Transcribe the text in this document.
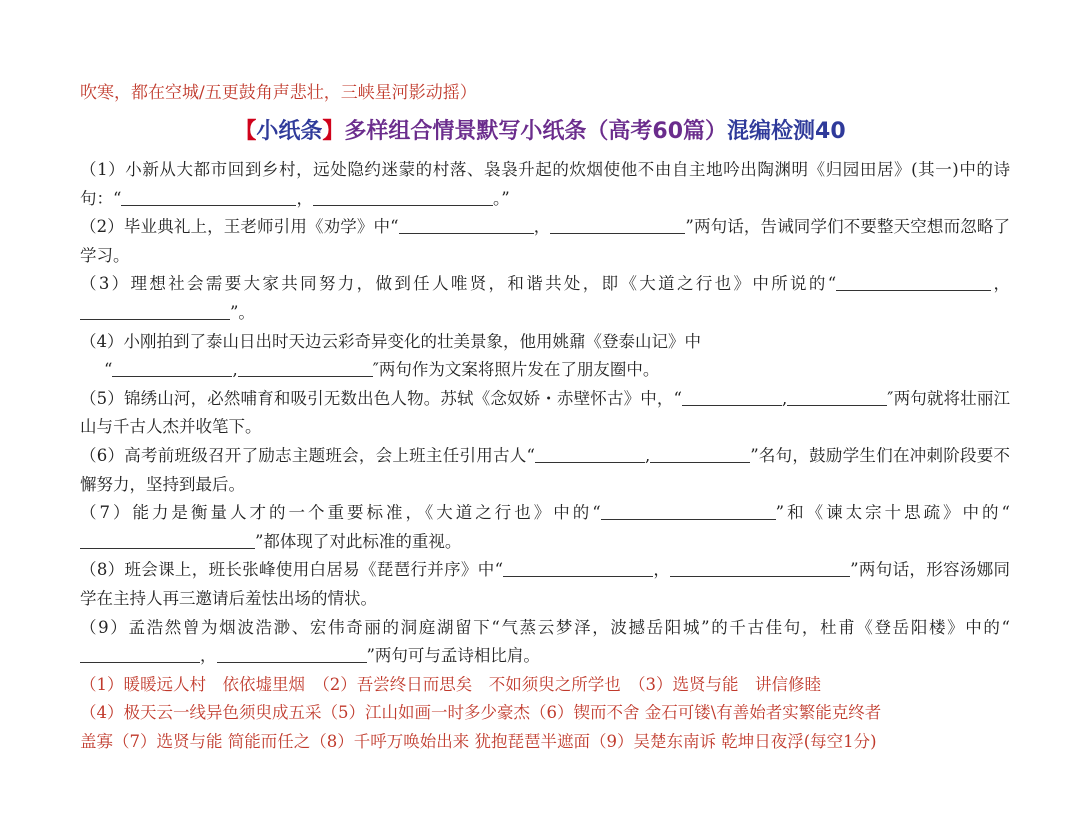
吹寒，都在空城/五更鼓角声悲壮，三峡星河影动摇）
【小纸条】多样组合情景默写小纸条（高考60篇）混编检测40

（1）小新从大都市回到乡村，远处隐约迷蒙的村落、袅袅升起的炊烟使他不由自主地吟出陶渊明《归园田居》(其一)中的诗句：“	，	。”

（2）毕业典礼上，王老师引用《劝学》中“	，	”两句话，告诫同学们不要整天空想而忽略了学习。

（3）理想社会需要大家共同努力，做到任人唯贤，和谐共处，即《大道之行也》中所说的“	，”。

（4）小刚拍到了泰山日出时天边云彩奇异变化的壮美景象，他用姚鼐《登泰山记》中
“	,	″两句作为文案将照片发在了朋友圈中。

（5）锦绣山河，必然哺育和吸引无数出色人物。苏轼《念奴娇・赤壁怀古》中，“	,	″两句就将壮丽江山与千古人杰并收笔下。

（6）高考前班级召开了励志主题班会，会上班主任引用古人“	,	”名句，鼓励学生们在冲刺阶段要不懈努力，坚持到最后。

（7）能力是衡量人才的一个重要标准，《大道之行也》中的“	”和《谏太宗十思疏》中的“”都体现了对此标准的重视。

（8）班会课上，班长张峰使用白居易《琵琶行并序》中“	，	”两句话，形容汤娜同学在主持人再三邀请后羞怯出场的情状。

（9）孟浩然曾为烟波浩渺、宏伟奇丽的洞庭湖留下“气蒸云梦泽，波撼岳阳城”的千古佳句，杜甫《登岳阳楼》中的“，	”两句可与孟诗相比肩。

（1）暖暖远人村　依依墟里烟　（2）吾尝终日而思矣　不如须臾之所学也　（3）选贤与能　讲信修睦

（4）极天云一线异色须臾成五采（5）江山如画一时多少豪杰（6）锲而不舍 金石可镂\有善始者实繁能克终者

盖寡（7）选贤与能 简能而任之（8）千呼万唤始出来 犹抱琵琶半遮面（9）吴楚东南诉 乾坤日夜浮(每空1分)
